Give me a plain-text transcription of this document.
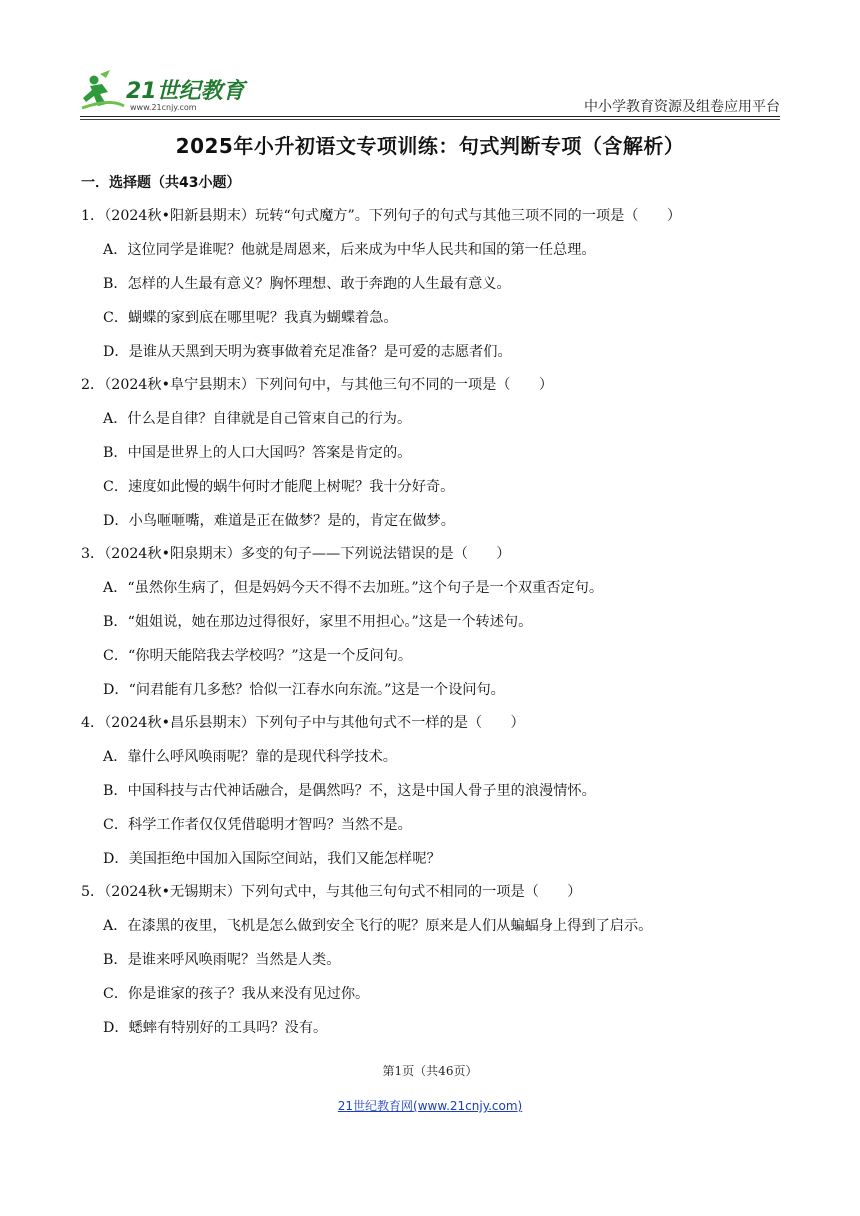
21世纪教育
www.21cnjy.com	中小学教育资源及组卷应用平台
2025年小升初语文专项训练：句式判断专项（含解析）
一．选择题（共43小题）
1．（2024秋•阳新县期末）玩转“句式魔方”。下列句子的句式与其他三项不同的一项是（　　）
A．这位同学是谁呢？他就是周恩来，后来成为中华人民共和国的第一任总理。
B．怎样的人生最有意义？胸怀理想、敢于奔跑的人生最有意义。
C．蝴蝶的家到底在哪里呢？我真为蝴蝶着急。
D．是谁从天黑到天明为赛事做着充足准备？是可爱的志愿者们。
2．（2024秋•阜宁县期末）下列问句中，与其他三句不同的一项是（　　）
A．什么是自律？自律就是自己管束自己的行为。
B．中国是世界上的人口大国吗？答案是肯定的。
C．速度如此慢的蜗牛何时才能爬上树呢？我十分好奇。
D．小鸟咂咂嘴，难道是正在做梦？是的，肯定在做梦。
3．（2024秋•阳泉期末）多变的句子——下列说法错误的是（　　）
A．“虽然你生病了，但是妈妈今天不得不去加班。”这个句子是一个双重否定句。
B．“姐姐说，她在那边过得很好，家里不用担心。”这是一个转述句。
C．“你明天能陪我去学校吗？”这是一个反问句。
D．“问君能有几多愁？恰似一江春水向东流。”这是一个设问句。
4．（2024秋•昌乐县期末）下列句子中与其他句式不一样的是（　　）
A．靠什么呼风唤雨呢？靠的是现代科学技术。
B．中国科技与古代神话融合，是偶然吗？不，这是中国人骨子里的浪漫情怀。
C．科学工作者仅仅凭借聪明才智吗？当然不是。
D．美国拒绝中国加入国际空间站，我们又能怎样呢？
5．（2024秋•无锡期末）下列句式中，与其他三句句式不相同的一项是（　　）
A．在漆黑的夜里，飞机是怎么做到安全飞行的呢？原来是人们从蝙蝠身上得到了启示。
B．是谁来呼风唤雨呢？当然是人类。
C．你是谁家的孩子？我从来没有见过你。
D．蟋蟀有特别好的工具吗？没有。
第1页（共46页）
21世纪教育网(www.21cnjy.com)
